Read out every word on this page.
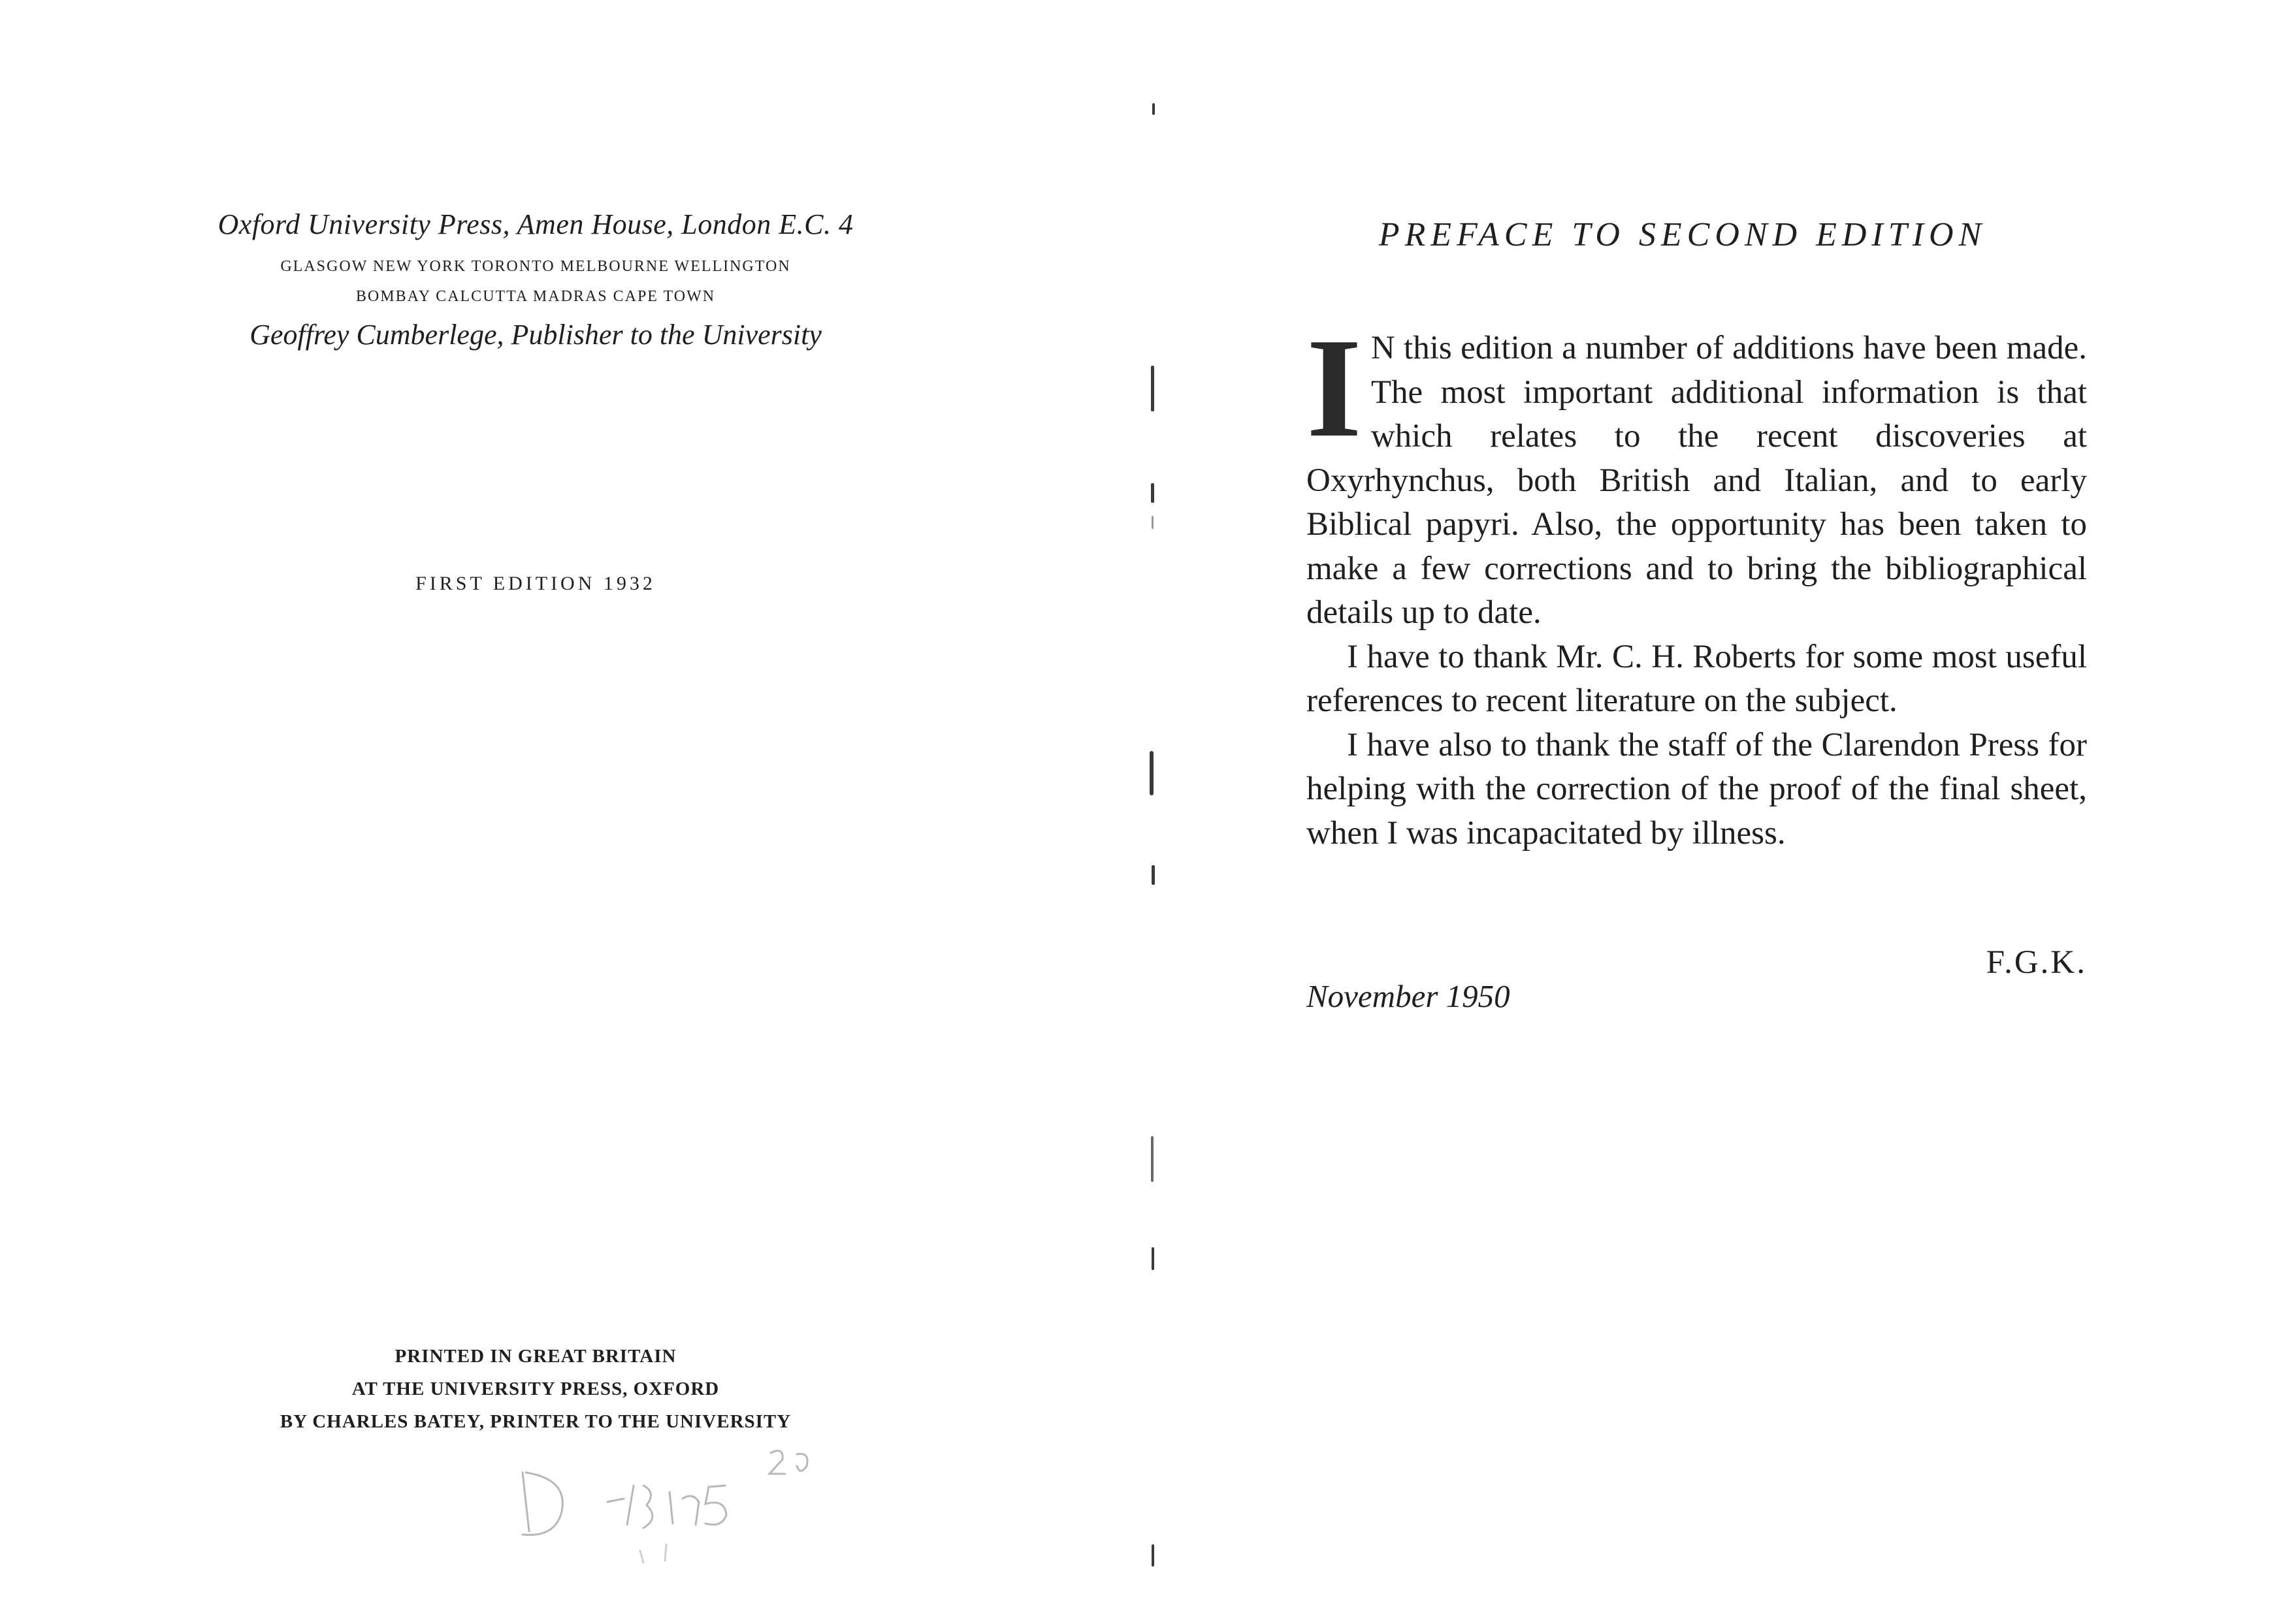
Oxford University Press, Amen House, London E.C. 4
GLASGOW NEW YORK TORONTO MELBOURNE WELLINGTON
BOMBAY CALCUTTA MADRAS CAPE TOWN
Geoffrey Cumberlege, Publisher to the University
FIRST EDITION 1932
PRINTED IN GREAT BRITAIN
AT THE UNIVERSITY PRESS, OXFORD
BY CHARLES BATEY, PRINTER TO THE UNIVERSITY
PREFACE TO SECOND EDITION

I N this edition a number of additions have been made. The most important additional information is that which relates to the recent discoveries at Oxyrhynchus, both British and Italian, and to early Biblical papyri. Also, the opportunity has been taken to make a few corrections and to bring the bibliographical details up to date.

I have to thank Mr. C. H. Roberts for some most useful references to recent literature on the subject.

I have also to thank the staff of the Clarendon Press for helping with the correction of the proof of the final sheet, when I was incapacitated by illness.

F.G.K.
November 1950
